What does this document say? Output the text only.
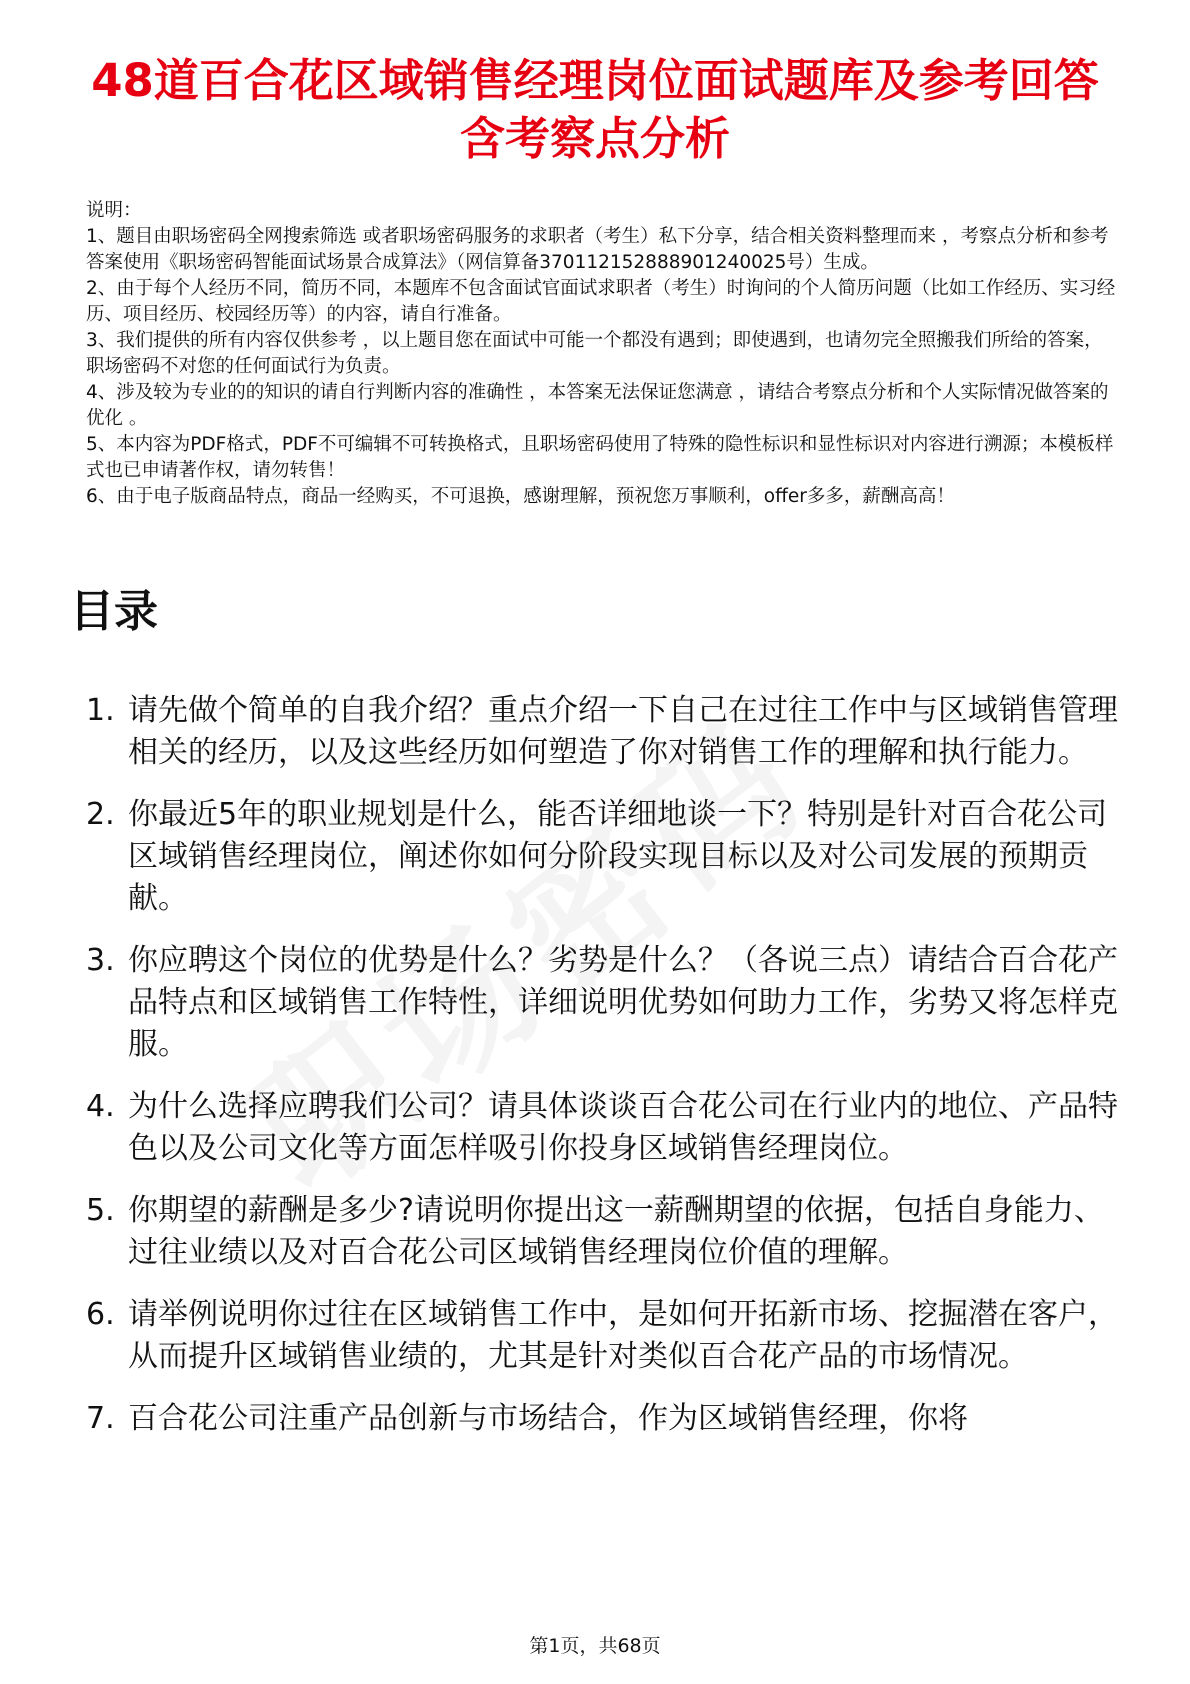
48道百合花区域销售经理岗位面试题库及参考回答含考察点分析

说明：

1、题目由职场密码全网搜索筛选 或者职场密码服务的求职者（考生）私下分享，结合相关资料整理而来 ，考察点分析和参考答案使用《职场密码智能面试场景合成算法》（网信算备370112152888901240025号）生成。

2、由于每个人经历不同，简历不同，本题库不包含面试官面试求职者（考生）时询问的个人简历问题（比如工作经历、实习经历、项目经历、校园经历等）的内容，请自行准备。

3、我们提供的所有内容仅供参考 ，以上题目您在面试中可能一个都没有遇到；即使遇到，也请勿完全照搬我们所给的答案，职场密码不对您的任何面试行为负责。

4、涉及较为专业的的知识的请自行判断内容的准确性 ，本答案无法保证您满意 ，请结合考察点分析和个人实际情况做答案的优化 。

5、本内容为PDF格式，PDF不可编辑不可转换格式，且职场密码使用了特殊的隐性标识和显性标识对内容进行溯源；本模板样式也已申请著作权，请勿转售！

6、由于电子版商品特点，商品一经购买，不可退换，感谢理解，预祝您万事顺利，offer多多，薪酬高高！

目录
1. 请先做个简单的自我介绍？重点介绍一下自己在过往工作中与区域销售管理相关的经历，以及这些经历如何塑造了你对销售工作的理解和执行能力。
2. 你最近5年的职业规划是什么，能否详细地谈一下？特别是针对百合花公司区域销售经理岗位，阐述你如何分阶段实现目标以及对公司发展的预期贡献。
3. 你应聘这个岗位的优势是什么？劣势是什么？（各说三点）请结合百合花产品特点和区域销售工作特性，详细说明优势如何助力工作，劣势又将怎样克服。
4. 为什么选择应聘我们公司？请具体谈谈百合花公司在行业内的地位、产品特色以及公司文化等方面怎样吸引你投身区域销售经理岗位。
5. 你期望的薪酬是多少?请说明你提出这一薪酬期望的依据，包括自身能力、过往业绩以及对百合花公司区域销售经理岗位价值的理解。
6. 请举例说明你过往在区域销售工作中，是如何开拓新市场、挖掘潜在客户，从而提升区域销售业绩的，尤其是针对类似百合花产品的市场情况。
7. 百合花公司注重产品创新与市场结合，作为区域销售经理，你将
第1页，共68页
